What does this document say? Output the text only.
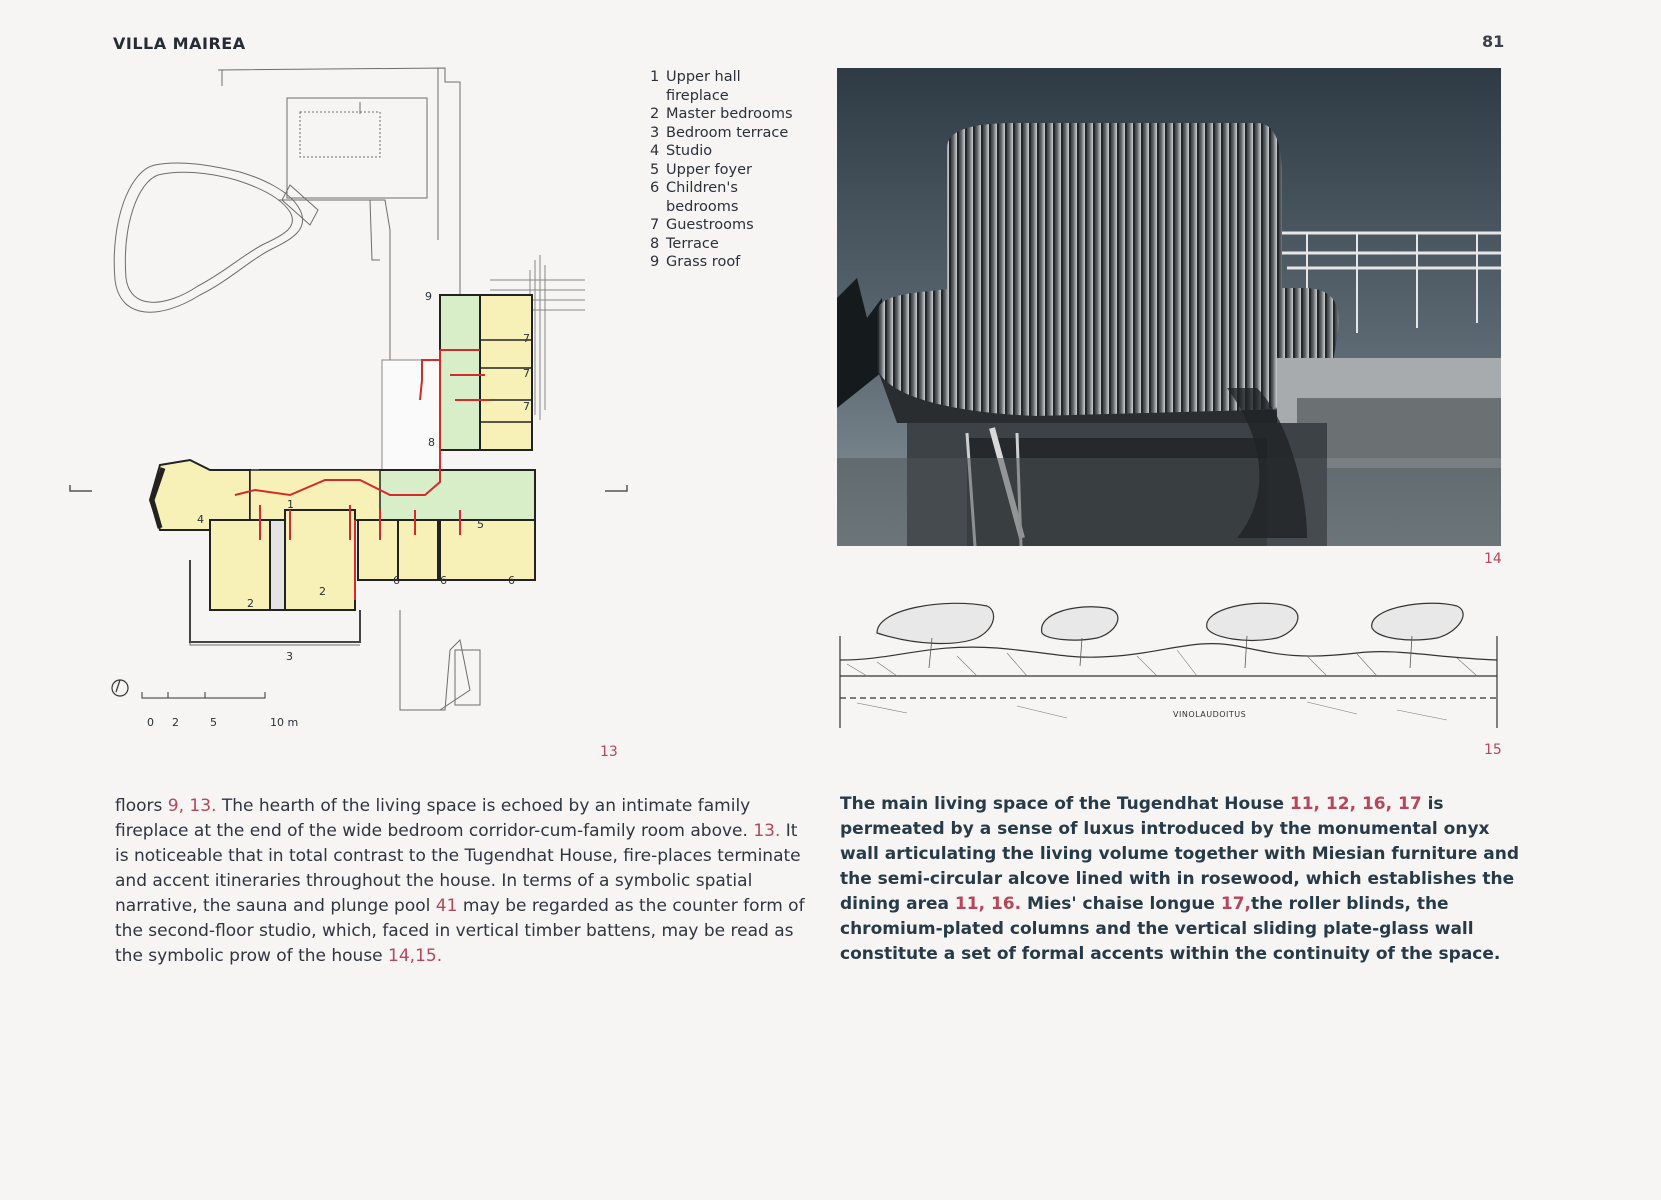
VILLA MAIREA	81
9
7
7
7
8
4
1
5
2
2
6	6	6
3
0 2	5	10 m
1 Upper hall fireplace
2 Master bedrooms
3 Bedroom terrace
4 Studio
5 Upper foyer
6 Children's bedrooms
7 Guestrooms
8 Terrace
9 Grass roof
13
14
VINOLAUDOITUS
15

floors 9, 13. The hearth of the living space is echoed by an intimate family fireplace at the end of the wide bedroom corridor-cum-family room above. 13. It is noticeable that in total contrast to the Tugendhat House, fire-places terminate and accent itineraries throughout the house. In terms of a symbolic spatial narrative, the sauna and plunge pool 41 may be regarded as the counter form of the second-floor studio, which, faced in vertical timber battens, may be read as the symbolic prow of the house 14,15.

The main living space of the Tugendhat House 11, 12, 16, 17 is permeated by a sense of luxus introduced by the monumental onyx wall articulating the living volume together with Miesian furniture and the semi-circular alcove lined with in rosewood, which establishes the dining area 11, 16. Mies' chaise longue 17,the roller blinds, the chromium-plated columns and the vertical sliding plate-glass wall constitute a set of formal accents within the continuity of the space.
